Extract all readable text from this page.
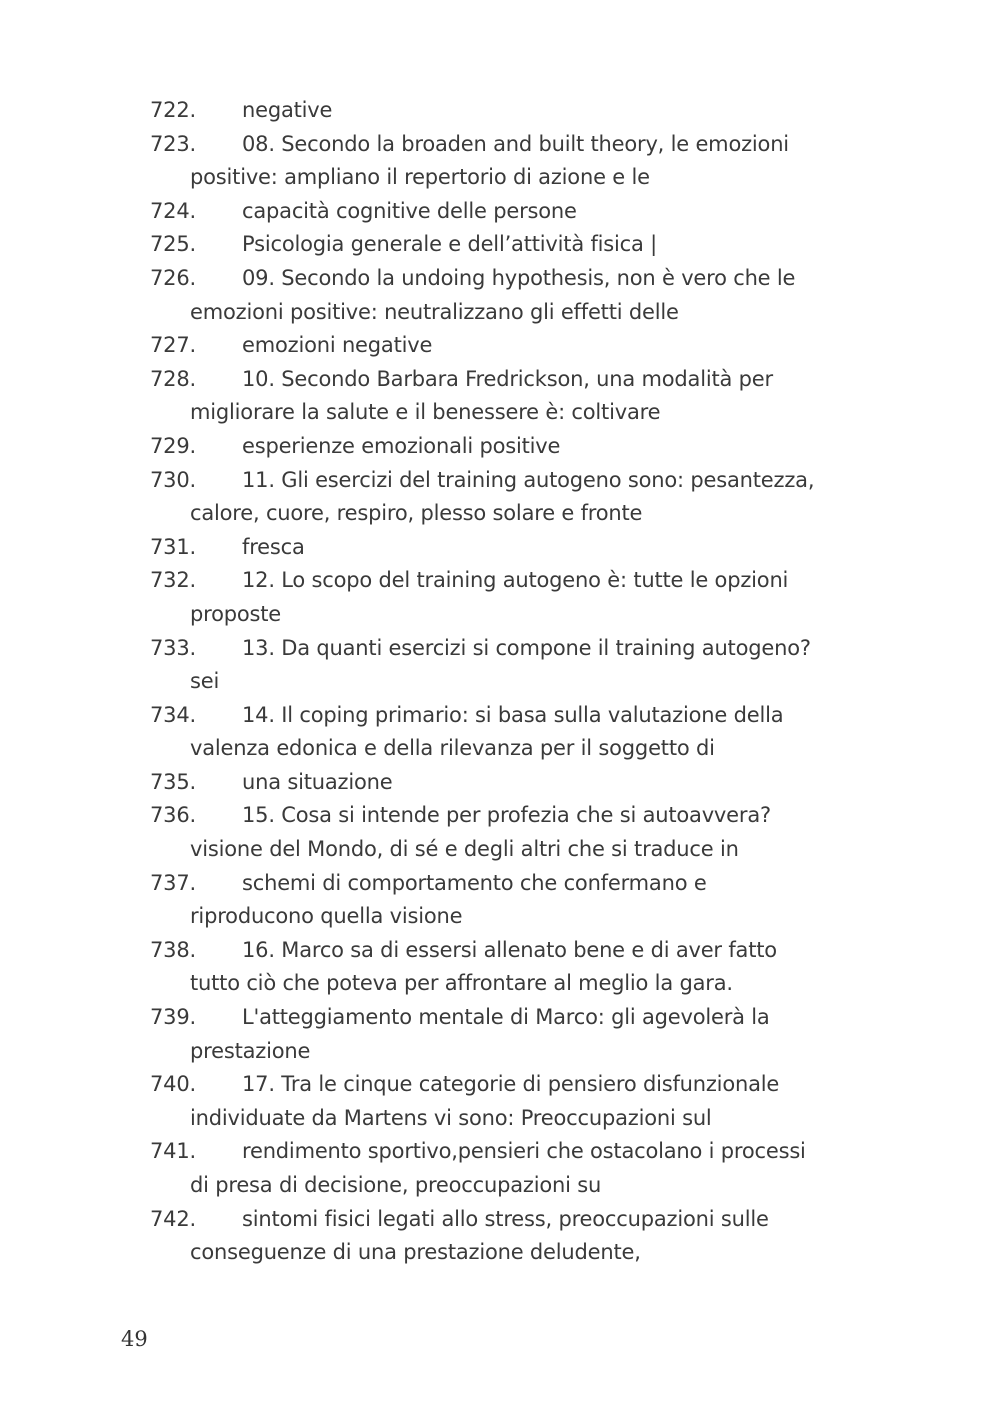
722.	negative
723.	08. Secondo la broaden and built theory, le emozioni
positive: ampliano il repertorio di azione e le
724.	capacità cognitive delle persone
725.	Psicologia generale e dell’attività fisica |
726.	09. Secondo la undoing hypothesis, non è vero che le
emozioni positive: neutralizzano gli effetti delle
727.	emozioni negative
728.	10. Secondo Barbara Fredrickson, una modalità per
migliorare la salute e il benessere è: coltivare
729.	esperienze emozionali positive
730.	11. Gli esercizi del training autogeno sono: pesantezza,
calore, cuore, respiro, plesso solare e fronte
731.	fresca
732.	12. Lo scopo del training autogeno è: tutte le opzioni
proposte
733.	13. Da quanti esercizi si compone il training autogeno?
sei
734.	14. Il coping primario: si basa sulla valutazione della
valenza edonica e della rilevanza per il soggetto di
735.	una situazione
736.	15. Cosa si intende per profezia che si autoavvera?
visione del Mondo, di sé e degli altri che si traduce in
737.	schemi di comportamento che confermano e
riproducono quella visione
738.	16. Marco sa di essersi allenato bene e di aver fatto
tutto ciò che poteva per affrontare al meglio la gara.
739.	L'atteggiamento mentale di Marco: gli agevolerà la
prestazione
740.	17. Tra le cinque categorie di pensiero disfunzionale
individuate da Martens vi sono: Preoccupazioni sul
741.	rendimento sportivo,pensieri che ostacolano i processi
di presa di decisione, preoccupazioni su
742.	sintomi fisici legati allo stress, preoccupazioni sulle
conseguenze di una prestazione deludente,
49
